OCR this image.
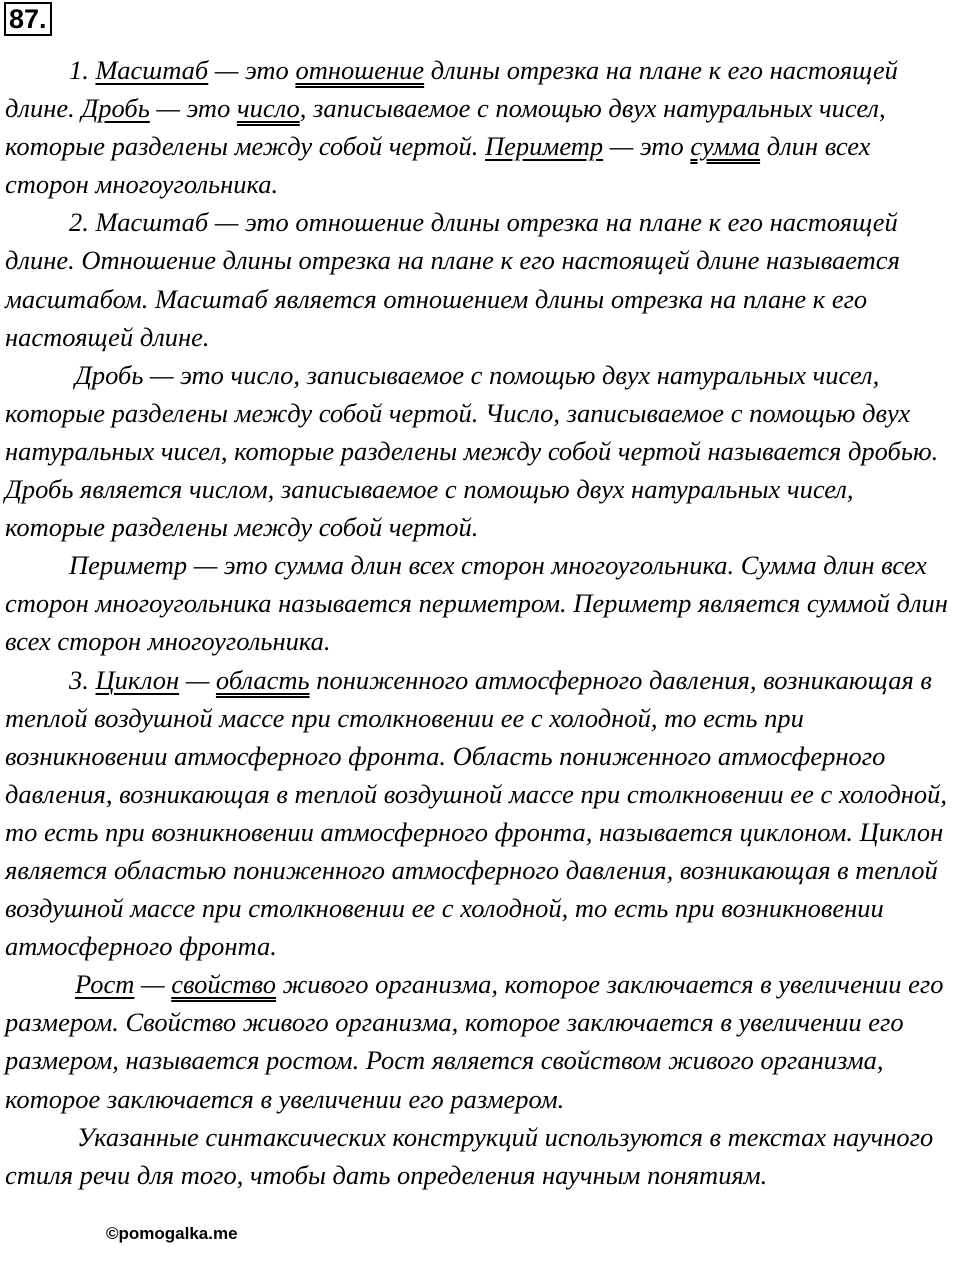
87.

1. Масштаб — это отношение длины отрезка на плане к его настоящей длине. Дробь — это число, записываемое с помощью двух натуральных чисел, которые разделены между собой чертой. Периметр — это сумма длин всех сторон многоугольника.

2. Масштаб — это отношение длины отрезка на плане к его настоящей длине. Отношение длины отрезка на плане к его настоящей длине называется масштабом. Масштаб является отношением длины отрезка на плане к его настоящей длине.

Дробь — это число, записываемое с помощью двух натуральных чисел, которые разделены между собой чертой. Число, записываемое с помощью двух натуральных чисел, которые разделены между собой чертой называется дробью. Дробь является числом, записываемое с помощью двух натуральных чисел, которые разделены между собой чертой.

Периметр — это сумма длин всех сторон многоугольника. Сумма длин всех сторон многоугольника называется периметром. Периметр является суммой длин всех сторон многоугольника.

3. Циклон — область пониженного атмосферного давления, возникающая в теплой воздушной массе при столкновении ее с холодной, то есть при возникновении атмосферного фронта. Область пониженного атмосферного давления, возникающая в теплой воздушной массе при столкновении ее с холодной, то есть при возникновении атмосферного фронта, называется циклоном. Циклон является областью пониженного атмосферного давления, возникающая в теплой воздушной массе при столкновении ее с холодной, то есть при возникновении атмосферного фронта.

Рост — свойство живого организма, которое заключается в увеличении его размером. Свойство живого организма, которое заключается в увеличении его размером, называется ростом. Рост является свойством живого организма, которое заключается в увеличении его размером.

Указанные синтаксических конструкций используются в текстах научного стиля речи для того, чтобы дать определения научным понятиям.

©pomogalka.me
